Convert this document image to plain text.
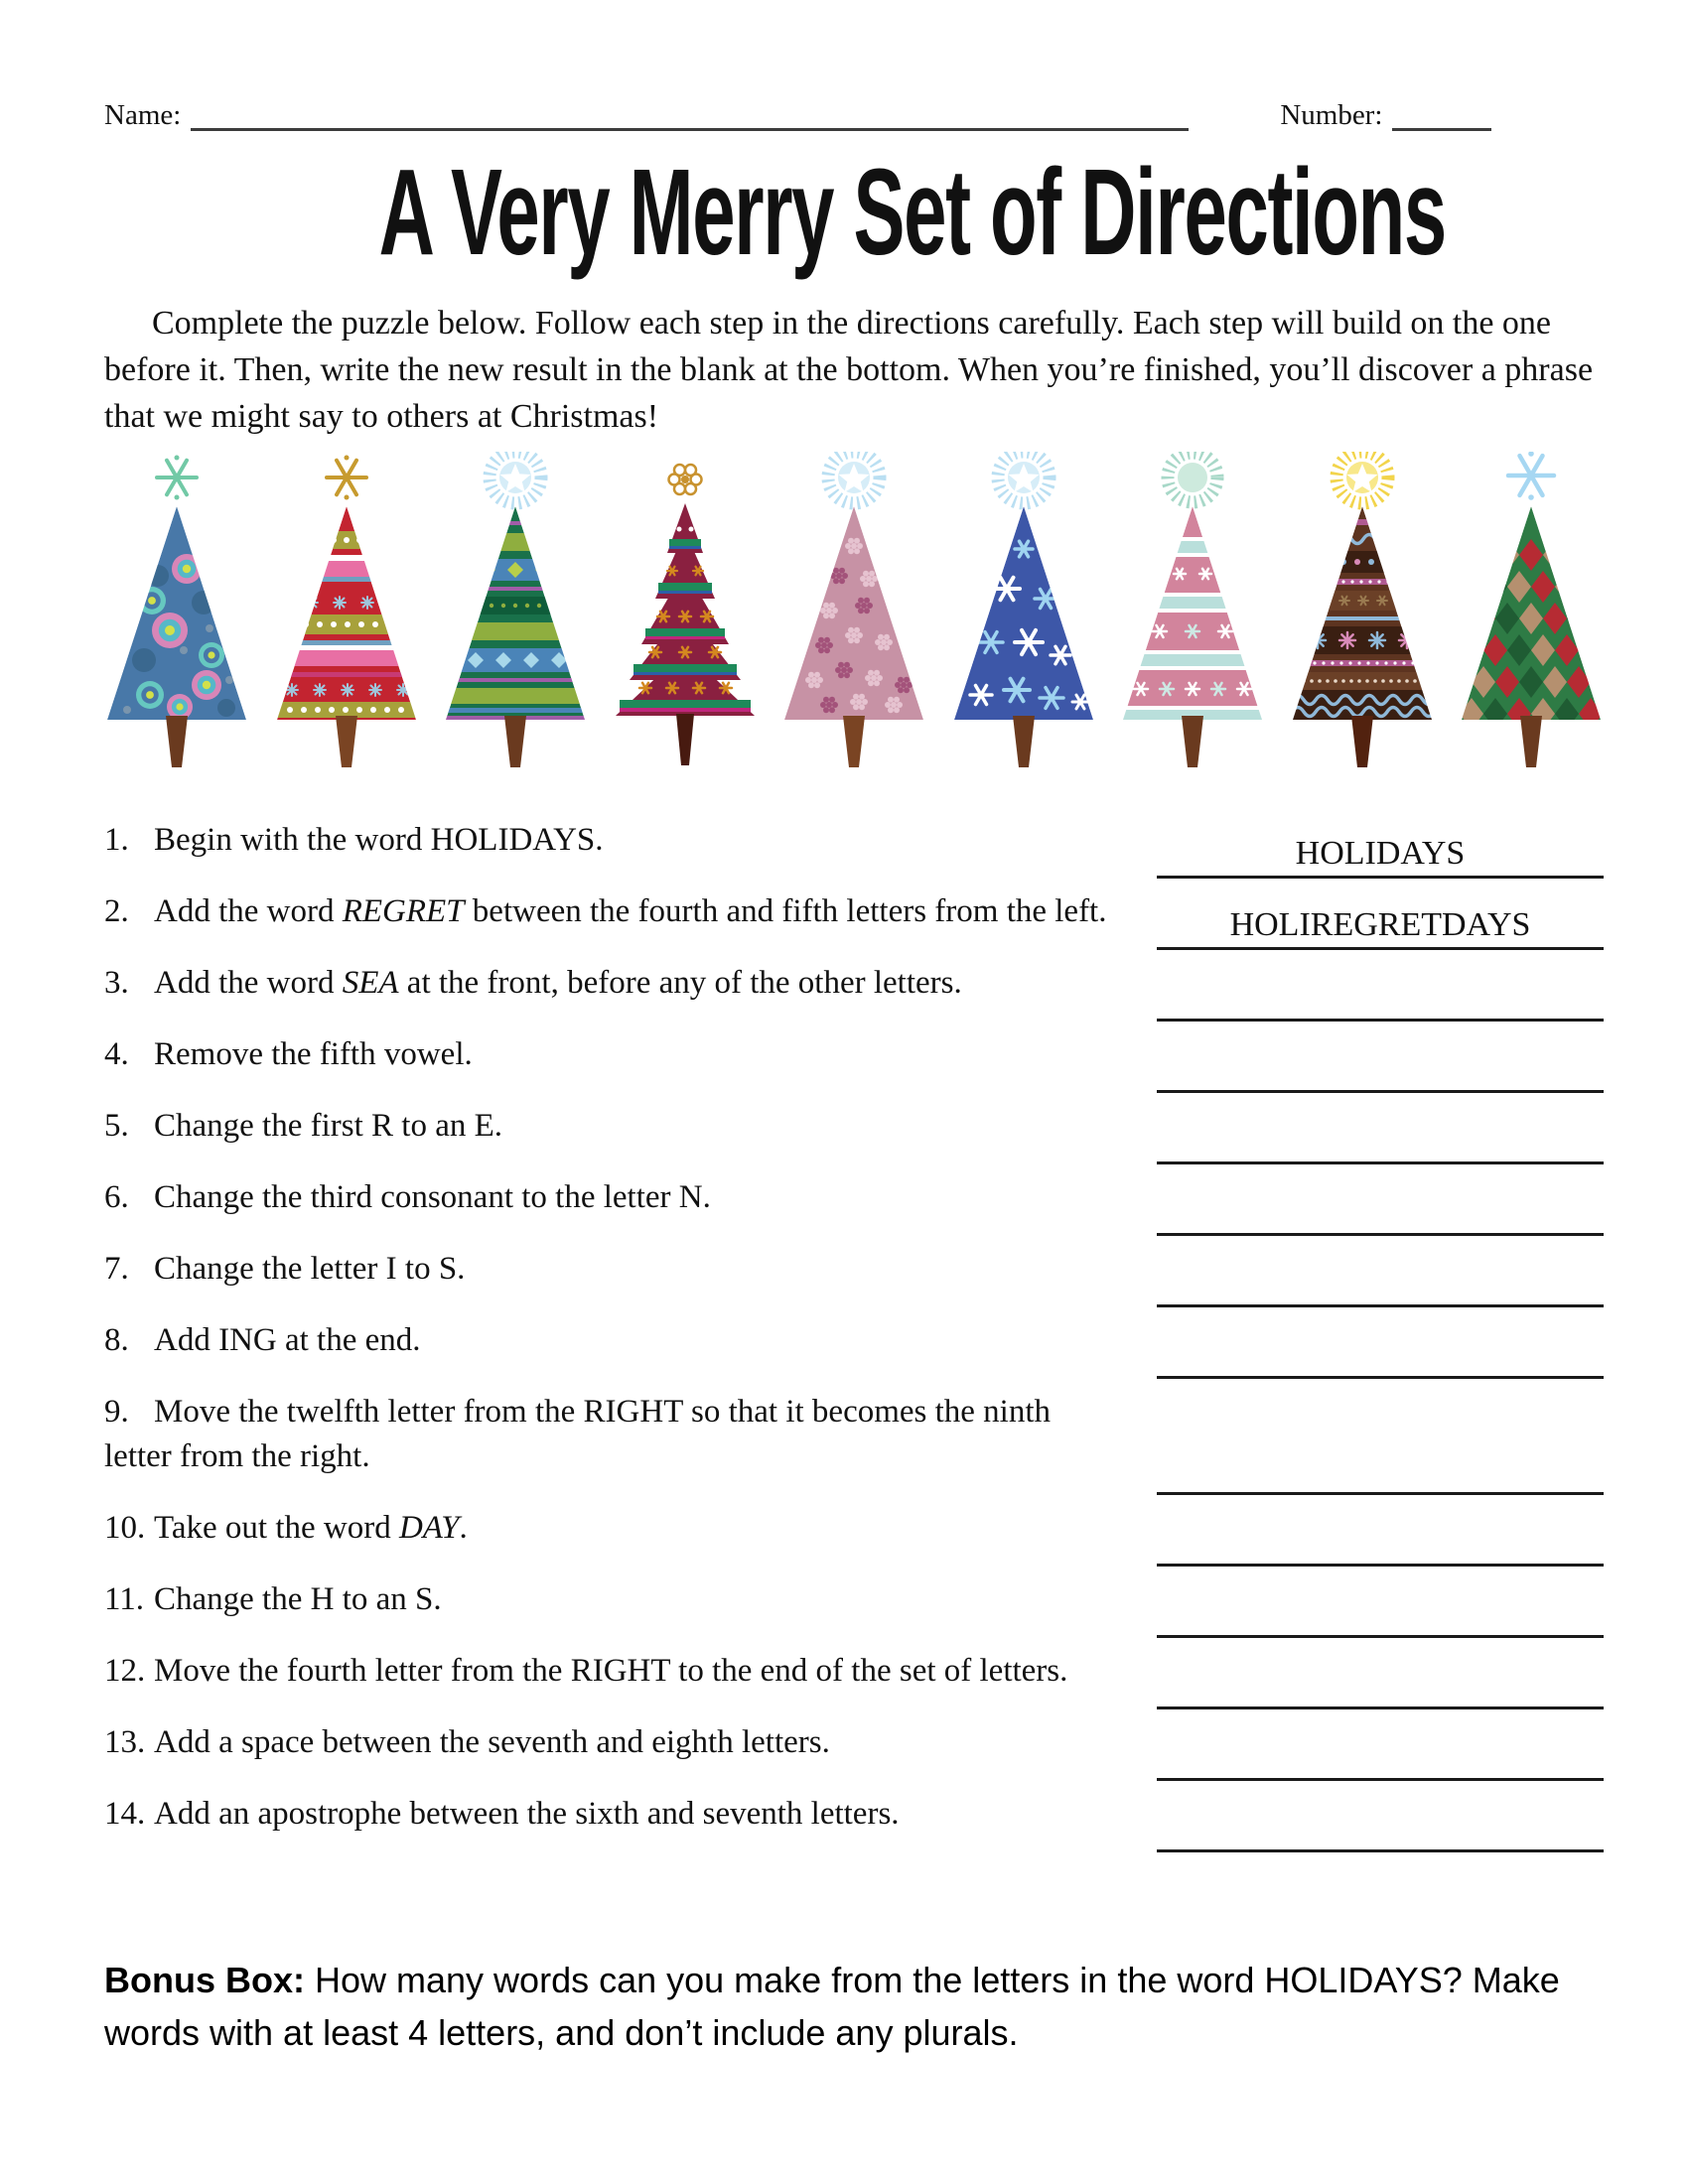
Name:	Number:
A Very Merry Set of Directions

Complete the puzzle below. Follow each step in the directions carefully. Each step will build on the one before it. Then, write the new result in the blank at the bottom. When you’re finished, you’ll discover a phrase that we might say to others at Christmas!

1. Begin with the word HOLIDAYS.	HOLIDAYS
2. Add the word REGRET between the fourth and fifth letters from the left.	HOLIREGRETDAYS
3. Add the word SEA at the front, before any of the other letters.
4. Remove the fifth vowel.
5. Change the first R to an E.
6. Change the third consonant to the letter N.
7. Change the letter I to S.
8. Add ING at the end.
9. Move the twelfth letter from the RIGHT so that it becomes the ninth letter from the right.
10. Take out the word DAY.
11. Change the H to an S.
12. Move the fourth letter from the RIGHT to the end of the set of letters.
13. Add a space between the seventh and eighth letters.
14. Add an apostrophe between the sixth and seventh letters.

Bonus Box: How many words can you make from the letters in the word HOLIDAYS? Make words with at least 4 letters, and don’t include any plurals.
